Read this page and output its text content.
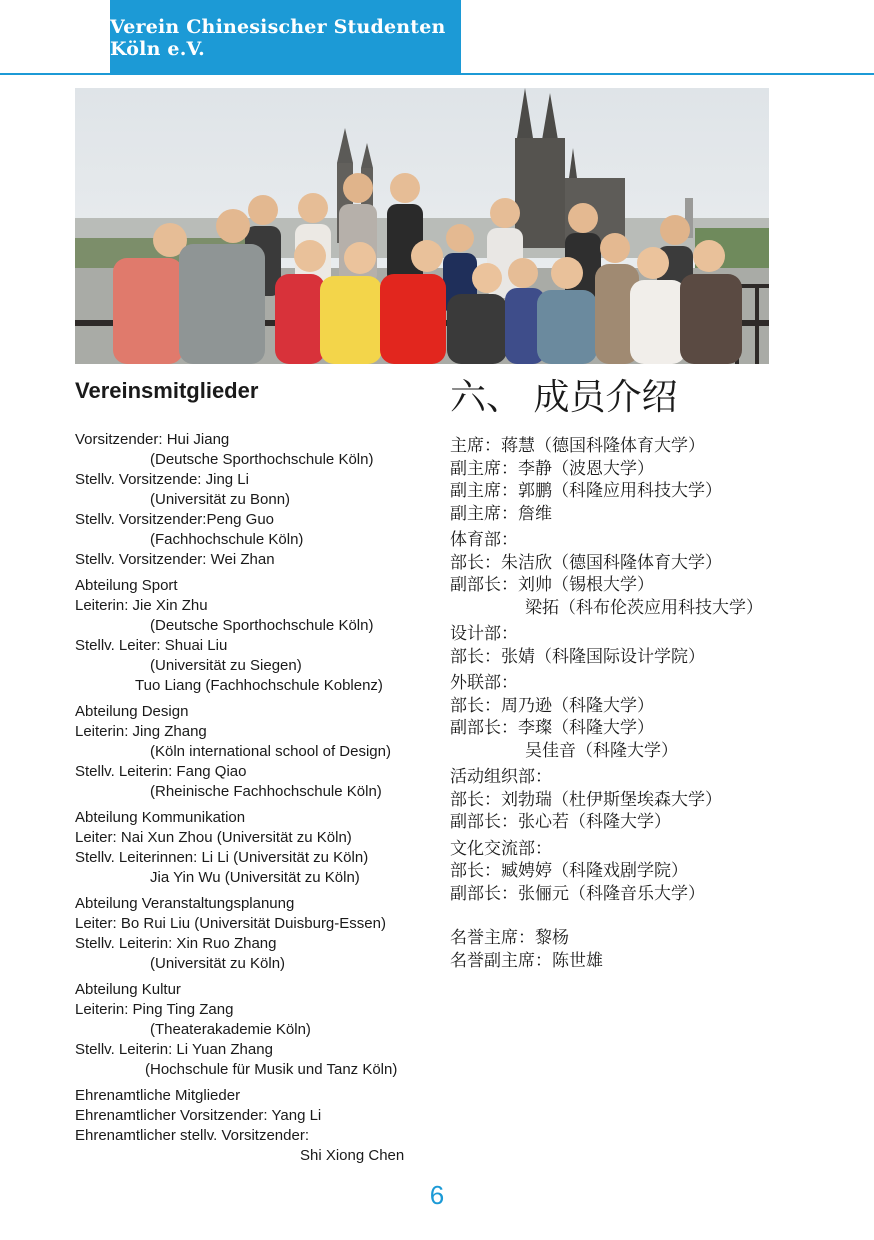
Verein Chinesischer Studenten Köln e.V.
Vereinsmitglieder
Vorsitzender: Hui Jiang
(Deutsche Sporthochschule Köln)
Stellv. Vorsitzende: Jing Li
(Universität zu Bonn)
Stellv. Vorsitzender:Peng Guo
(Fachhochschule Köln)
Stellv. Vorsitzender: Wei Zhan
Abteilung Sport
Leiterin: Jie Xin Zhu
(Deutsche Sporthochschule Köln)
Stellv. Leiter: Shuai Liu
(Universität zu Siegen)
Tuo Liang (Fachhochschule Koblenz)
Abteilung Design
Leiterin: Jing Zhang
(Köln international school of Design)
Stellv. Leiterin: Fang Qiao
(Rheinische Fachhochschule Köln)
Abteilung Kommunikation
Leiter: Nai Xun Zhou (Universität zu Köln)
Stellv. Leiterinnen: Li Li (Universität zu Köln)
Jia Yin Wu (Universität zu Köln)
Abteilung Veranstaltungsplanung
Leiter: Bo Rui Liu (Universität Duisburg-Essen)
Stellv. Leiterin: Xin Ruo Zhang
(Universität zu Köln)
Abteilung Kultur
Leiterin: Ping Ting Zang
(Theaterakademie Köln)
Stellv. Leiterin: Li Yuan Zhang
(Hochschule für Musik und Tanz Köln)
Ehrenamtliche Mitglieder
Ehrenamtlicher Vorsitzender: Yang Li
Ehrenamtlicher stellv. Vorsitzender:
Shi Xiong Chen
六、 成员介绍
主席：蒋慧（德国科隆体育大学）
副主席：李静（波恩大学）
副主席：郭鹏（科隆应用科技大学）
副主席：詹维
体育部：
部长：朱洁欣（德国科隆体育大学）
副部长：刘帅（锡根大学）
梁拓（科布伦茨应用科技大学）
设计部：
部长：张婧（科隆国际设计学院）
外联部：
部长：周乃逊（科隆大学）
副部长：李璨（科隆大学）
吴佳音（科隆大学）
活动组织部：
部长：刘勃瑞（杜伊斯堡埃森大学）
副部长：张心若（科隆大学）
文化交流部：
部长：臧娉婷（科隆戏剧学院）
副部长：张俪元（科隆音乐大学）
名誉主席：黎杨
名誉副主席：陈世雄
6
